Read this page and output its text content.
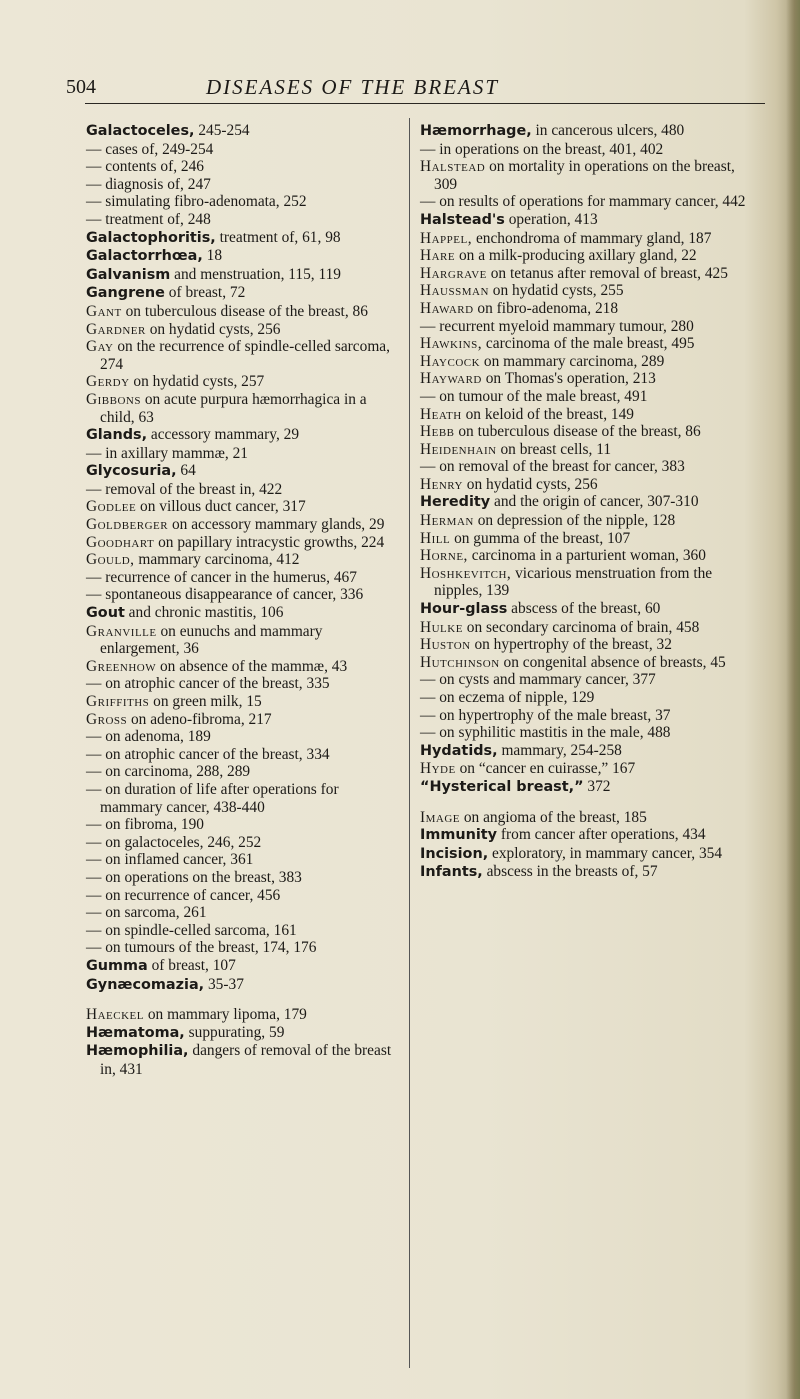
504	DISEASES OF THE BREAST
Galactoceles, 245-254
— cases of, 249-254
— contents of, 246
— diagnosis of, 247
— simulating fibro-adenomata, 252
— treatment of, 248
Galactophoritis, treatment of, 61, 98
Galactorrhœa, 18
Galvanism and menstruation, 115, 119
Gangrene of breast, 72
Gant on tuberculous disease of the breast, 86
Gardner on hydatid cysts, 256
Gay on the recurrence of spindle-celled sarcoma, 274
Gerdy on hydatid cysts, 257
Gibbons on acute purpura hæmorrhagica in a child, 63
Glands, accessory mammary, 29
— in axillary mammæ, 21
Glycosuria, 64
— removal of the breast in, 422
Godlee on villous duct cancer, 317
Goldberger on accessory mammary glands, 29
Goodhart on papillary intracystic growths, 224
Gould, mammary carcinoma, 412
— recurrence of cancer in the humerus, 467
— spontaneous disappearance of cancer, 336
Gout and chronic mastitis, 106
Granville on eunuchs and mammary enlargement, 36
Greenhow on absence of the mammæ, 43
— on atrophic cancer of the breast, 335
Griffiths on green milk, 15
Gross on adeno-fibroma, 217
— on adenoma, 189
— on atrophic cancer of the breast, 334
— on carcinoma, 288, 289
— on duration of life after operations for mammary cancer, 438-440
— on fibroma, 190
— on galactoceles, 246, 252
— on inflamed cancer, 361
— on operations on the breast, 383
— on recurrence of cancer, 456
— on sarcoma, 261
— on spindle-celled sarcoma, 161
— on tumours of the breast, 174, 176
Gumma of breast, 107
Gynæcomazia, 35-37
Haeckel on mammary lipoma, 179
Hæmatoma, suppurating, 59
Hæmophilia, dangers of removal of the breast in, 431
Hæmorrhage, in cancerous ulcers, 480
— in operations on the breast, 401, 402
Halstead on mortality in operations on the breast, 309
— on results of operations for mammary cancer, 442
Halstead's operation, 413
Happel, enchondroma of mammary gland, 187
Hare on a milk-producing axillary gland, 22
Hargrave on tetanus after removal of breast, 425
Haussman on hydatid cysts, 255
Haward on fibro-adenoma, 218
— recurrent myeloid mammary tumour, 280
Hawkins, carcinoma of the male breast, 495
Haycock on mammary carcinoma, 289
Hayward on Thomas's operation, 213
— on tumour of the male breast, 491
Heath on keloid of the breast, 149
Hebb on tuberculous disease of the breast, 86
Heidenhain on breast cells, 11
— on removal of the breast for cancer, 383
Henry on hydatid cysts, 256
Heredity and the origin of cancer, 307-310
Herman on depression of the nipple, 128
Hill on gumma of the breast, 107
Horne, carcinoma in a parturient woman, 360
Hoshkevitch, vicarious menstruation from the nipples, 139
Hour-glass abscess of the breast, 60
Hulke on secondary carcinoma of brain, 458
Huston on hypertrophy of the breast, 32
Hutchinson on congenital absence of breasts, 45
— on cysts and mammary cancer, 377
— on eczema of nipple, 129
— on hypertrophy of the male breast, 37
— on syphilitic mastitis in the male, 488
Hydatids, mammary, 254-258
Hyde on “cancer en cuirasse,” 167
“Hysterical breast,” 372
Image on angioma of the breast, 185
Immunity from cancer after operations, 434
Incision, exploratory, in mammary cancer, 354
Infants, abscess in the breasts of, 57
